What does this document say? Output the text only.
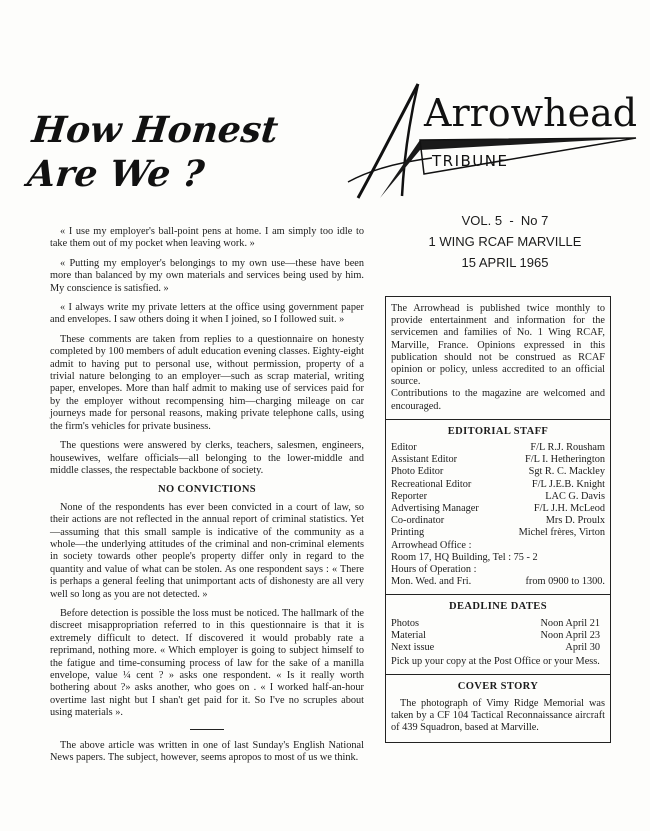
How Honest
Are We ?
Arrowhead
TRIBUNE
VOL. 5  -  No 7
1 WING RCAF MARVILLE
15 APRIL 1965

« I use my employer's ball-point pens at home. I am simply too idle to take them out of my pocket when leaving work. »

« Putting my employer's belongings to my own use—these have been more than balanced by my own materials and services being used by him. My conscience is satisfied. »

« I always write my private letters at the office using government paper and envelopes. I saw others doing it when I joined, so I followed suit. »

These comments are taken from replies to a questionnaire on honesty completed by 100 members of adult education evening classes. Eighty-eight admit to having put to personal use, without permission, property of a trivial nature belonging to an employer—such as scrap material, writing paper, envelopes. More than half admit to making use of services paid for by the employer without recompensing him—charging mileage on car journeys made for personal reasons, making private telephone calls, using the firm's vehicles for private business.

The questions were answered by clerks, teachers, salesmen, engineers, housewives, welfare officials—all belonging to the lower-middle and middle classes, the respectable backbone of society.

NO CONVICTIONS

None of the respondents has ever been convicted in a court of law, so their actions are not reflected in the annual report of criminal statistics. Yet—assuming that this small sample is indicative of the community as a whole—the underlying attitudes of the criminal and non-criminal elements in society towards other people's property differ only in regard to the quantity and value of what can be stolen. As one respondent says : « There is perhaps a general feeling that unimportant acts of dishonesty are all very well so long as you are not detected. »

Before detection is possible the loss must be noticed. The hallmark of the discreet misappropriation referred to in this questionnaire is that it is extremely difficult to detect. If discovered it would probably rate a reprimand, nothing more. « Which employer is going to subject himself to the fatigue and time-consuming process of law for the sake of a manilla envelope, value ¼ cent ? » asks one respondent. « Is it really worth bothering about ?» asks another, who goes on . « I worked half-an-hour overtime last night but I shan't get paid for it. So I've no scruples about using materials ».

The above article was written in one of last Sunday's English National News papers. The subject, however, seems apropos to most of us we think.

The Arrowhead is published twice monthly to provide entertainment and information for the servicemen and families of No. 1 Wing RCAF, Marville, France. Opinions expressed in this publication should not be construed as RCAF opinion or policy, unless accredited to an official source.

Contributions to the magazine are welcomed and encouraged.

EDITORIAL STAFF
Editor	F/L R.J. Rousham
Assistant Editor	F/L I. Hetherington
Photo Editor	Sgt R. C. Mackley
Recreational Editor	F/L J.E.B. Knight
Reporter	LAC G. Davis
Advertising Manager	F/L J.H. McLeod
Co-ordinator	Mrs D. Proulx
Printing	Michel frères, Virton
Arrowhead Office :
Room 17, HQ Building, Tel : 75 - 2
Hours of Operation :
Mon. Wed. and Fri.	from 0900 to 1300.
DEADLINE DATES
Photos	Noon April 21
Material	Noon April 23
Next issue	April 30

Pick up your copy at the Post Office or your Mess.

COVER STORY

The photograph of Vimy Ridge Memorial was taken by a CF 104 Tactical Reconnaissance aircraft of 439 Squadron, based at Marville.
